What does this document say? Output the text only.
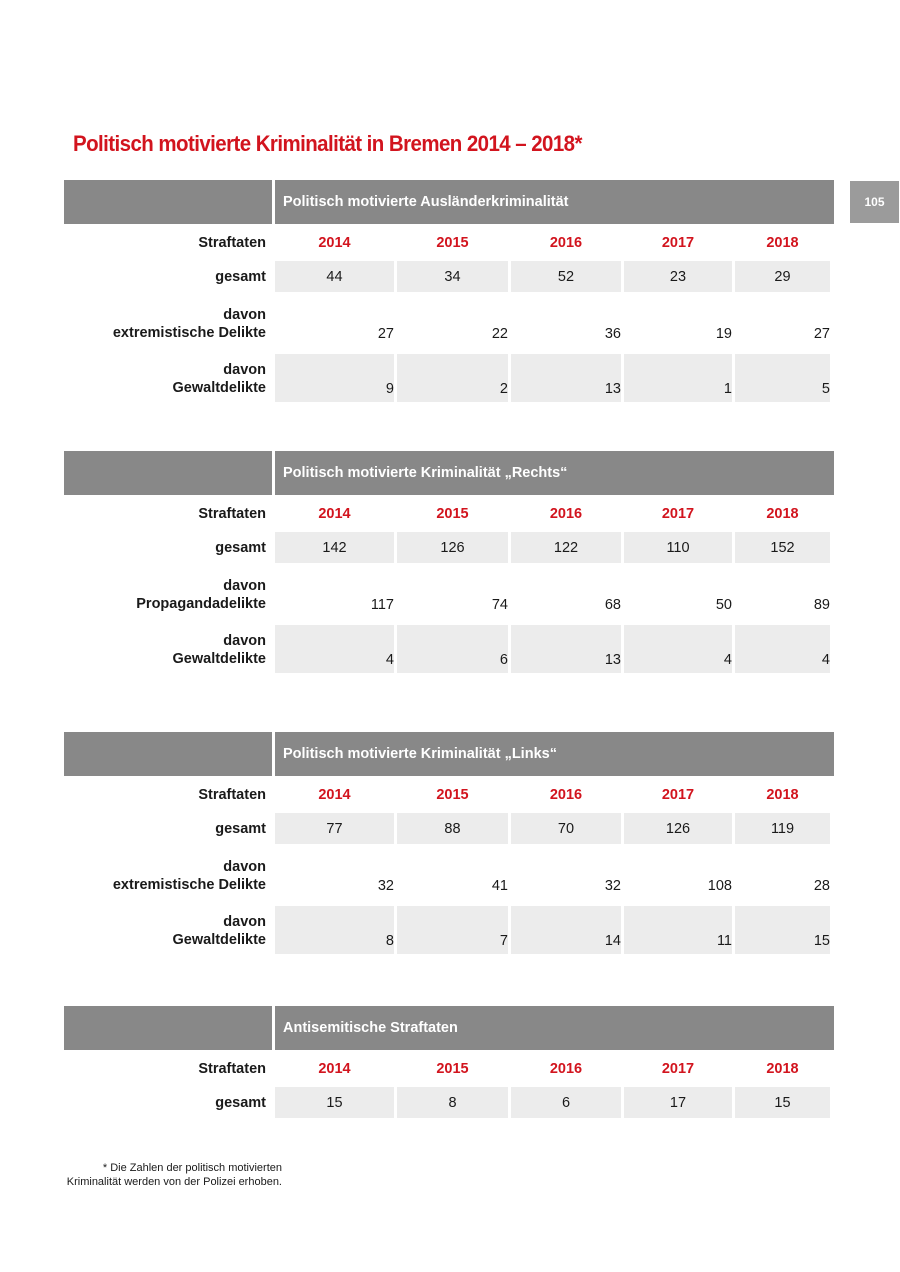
Politisch motivierte Kriminalität in Bremen 2014 – 2018*
105
Politisch motivierte Ausländerkriminalität
Straftaten	2014	2015	2016	2017	2018
gesamt	44	34	52	23	29
davon
extremistische Delikte	27	22	36	19	27
davon
Gewaltdelikte	9	2	13	1	5
Politisch motivierte Kriminalität „Rechts“
Straftaten	2014	2015	2016	2017	2018
gesamt	142	126	122	110	152
davon
Propagandadelikte	117	74	68	50	89
davon
Gewaltdelikte	4	6	13	4	4
Politisch motivierte Kriminalität „Links“
Straftaten	2014	2015	2016	2017	2018
gesamt	77	88	70	126	119
davon
extremistische Delikte	32	41	32	108	28
davon
Gewaltdelikte	8	7	14	11	15
Antisemitische Straftaten
Straftaten	2014	2015	2016	2017	2018
gesamt	15	8	6	17	15
* Die Zahlen der politisch motivierten
Kriminalität werden von der Polizei erhoben.
